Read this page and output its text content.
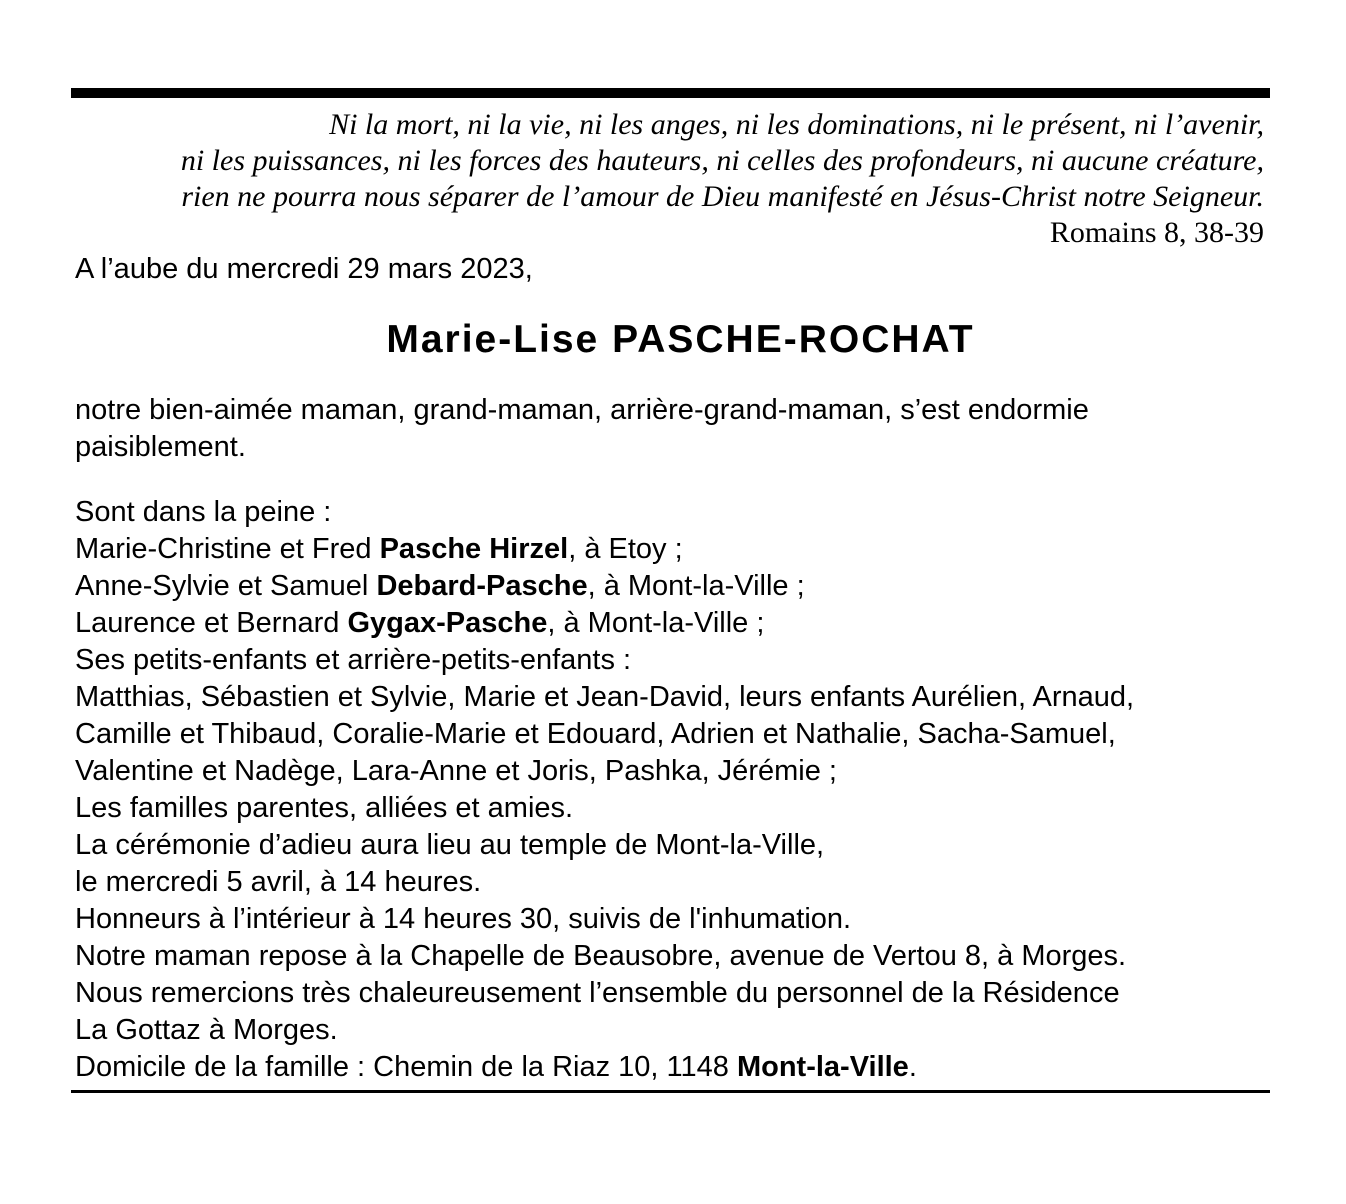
Ni la mort, ni la vie, ni les anges, ni les dominations, ni le présent, ni l’avenir,
ni les puissances, ni les forces des hauteurs, ni celles des profondeurs, ni aucune créature,
rien ne pourra nous séparer de l’amour de Dieu manifesté en Jésus-Christ notre Seigneur.
Romains 8, 38-39
A l’aube du mercredi 29 mars 2023,
Marie-Lise PASCHE-ROCHAT
notre bien-aimée maman, grand-maman, arrière-grand-maman, s’est endormie
paisiblement.
Sont dans la peine :
Marie-Christine et Fred Pasche Hirzel, à Etoy ;
Anne-Sylvie et Samuel Debard-Pasche, à Mont-la-Ville ;
Laurence et Bernard Gygax-Pasche, à Mont-la-Ville ;
Ses petits-enfants et arrière-petits-enfants :
Matthias, Sébastien et Sylvie, Marie et Jean-David, leurs enfants Aurélien, Arnaud,
Camille et Thibaud, Coralie-Marie et Edouard, Adrien et Nathalie, Sacha-Samuel,
Valentine et Nadège, Lara-Anne et Joris, Pashka, Jérémie ;
Les familles parentes, alliées et amies.
La cérémonie d’adieu aura lieu au temple de Mont-la-Ville,
le mercredi 5 avril, à 14 heures.
Honneurs à l’intérieur à 14 heures 30, suivis de l'inhumation.
Notre maman repose à la Chapelle de Beausobre, avenue de Vertou 8, à Morges.
Nous remercions très chaleureusement l’ensemble du personnel de la Résidence
La Gottaz à Morges.
Domicile de la famille : Chemin de la Riaz 10, 1148 Mont-la-Ville.
